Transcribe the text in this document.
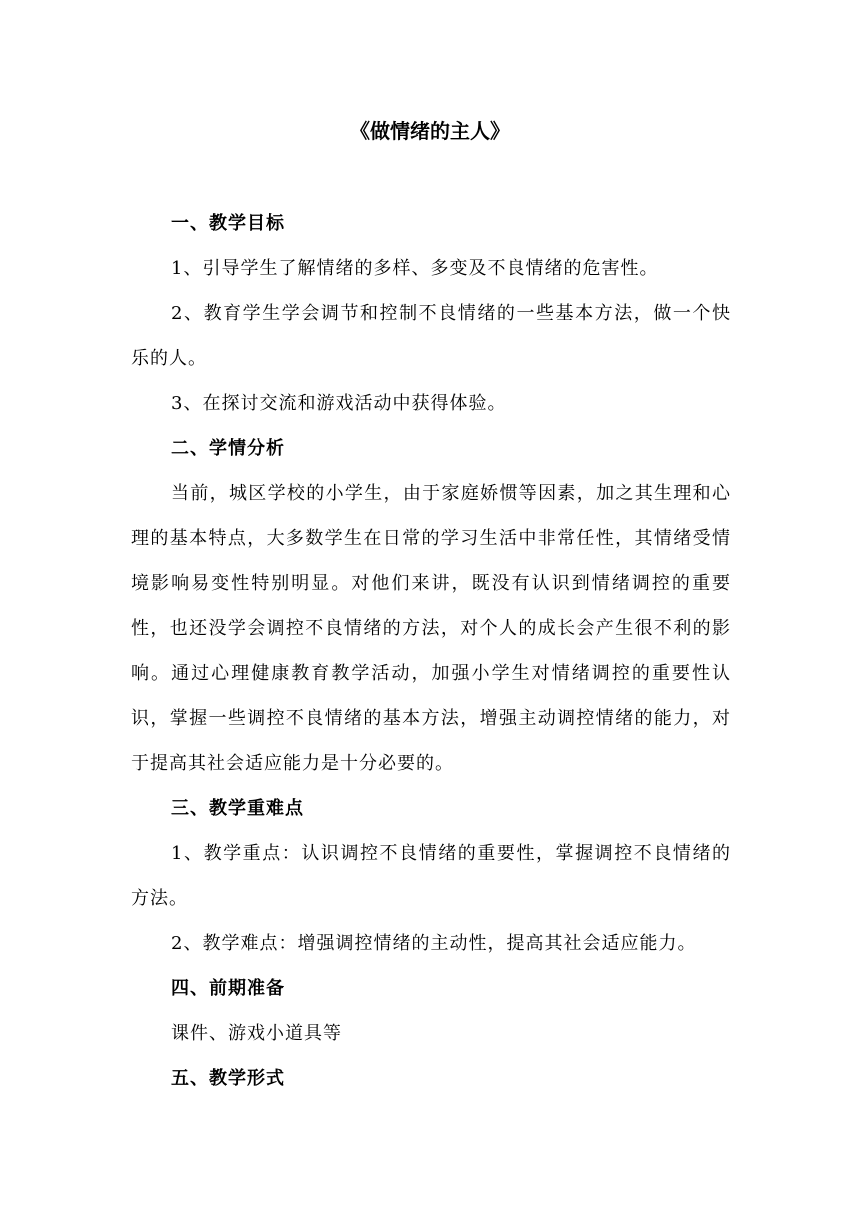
《做情绪的主人》

一、教学目标

1、引导学生了解情绪的多样、多变及不良情绪的危害性。

2、教育学生学会调节和控制不良情绪的一些基本方法，做一个快乐的人。

3、在探讨交流和游戏活动中获得体验。

二、学情分析

当前，城区学校的小学生，由于家庭娇惯等因素，加之其生理和心理的基本特点，大多数学生在日常的学习生活中非常任性，其情绪受情境影响易变性特别明显。对他们来讲，既没有认识到情绪调控的重要性，也还没学会调控不良情绪的方法，对个人的成长会产生很不利的影响。通过心理健康教育教学活动，加强小学生对情绪调控的重要性认识，掌握一些调控不良情绪的基本方法，增强主动调控情绪的能力，对于提高其社会适应能力是十分必要的。

三、教学重难点

1、教学重点：认识调控不良情绪的重要性，掌握调控不良情绪的方法。

2、教学难点：增强调控情绪的主动性，提高其社会适应能力。

四、前期准备

课件、游戏小道具等

五、教学形式
